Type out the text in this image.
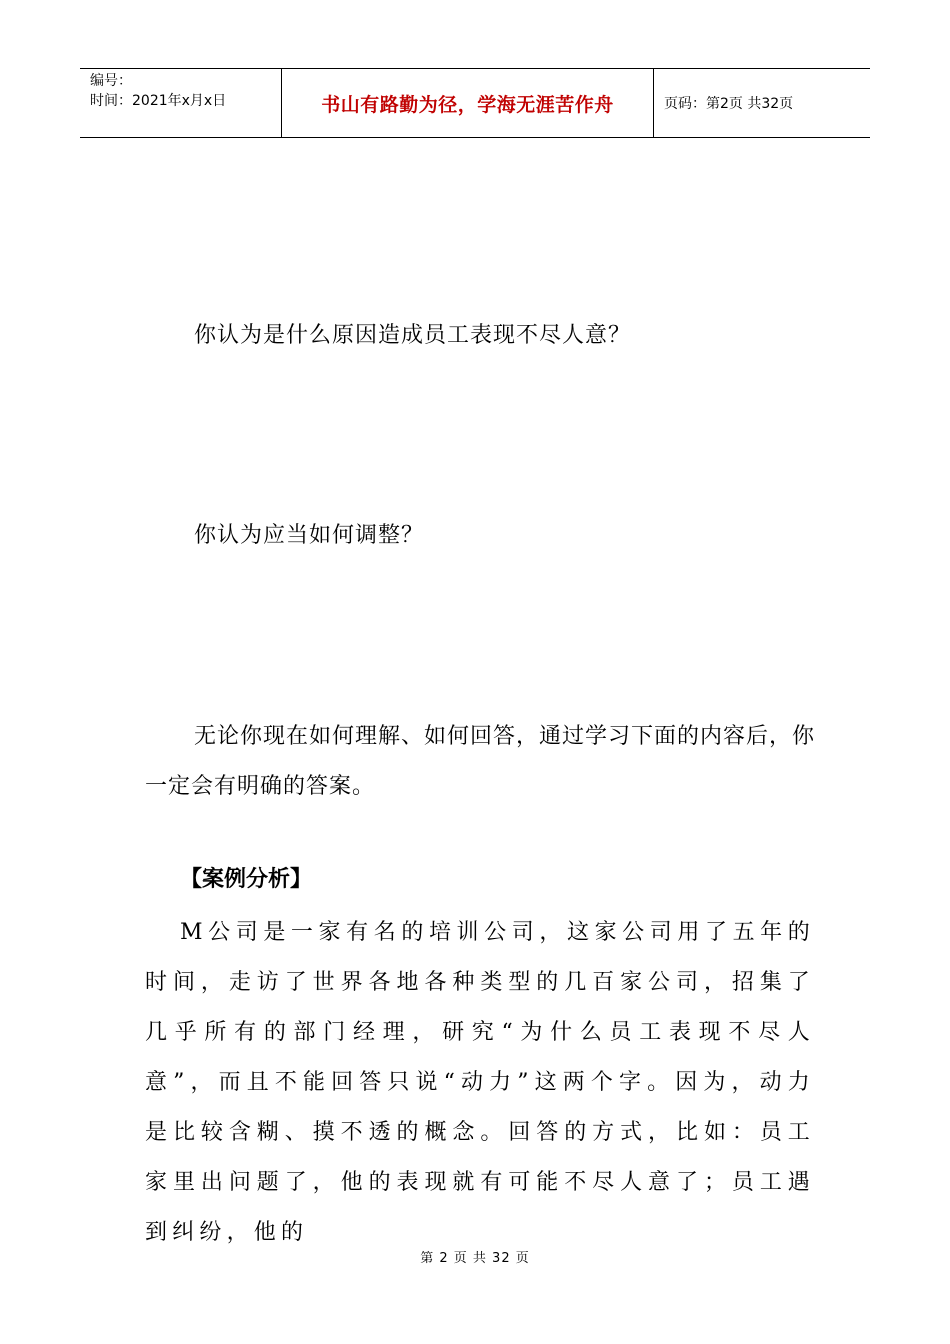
编号：
时间：2021年x月x日	书山有路勤为径，学海无涯苦作舟	页码：第2页 共32页
你认为是什么原因造成员工表现不尽人意？
你认为应当如何调整？
无论你现在如何理解、如何回答，通过学习下面的内容后，你一定会有明确的答案。
【案例分析】
M公司是一家有名的培训公司，这家公司用了五年的时间，走访了世界各地各种类型的几百家公司，招集了几乎所有的部门经理，研究“为什么员工表现不尽人意”，而且不能回答只说“动力”这两个字。因为，动力是比较含糊、摸不透的概念。回答的方式，比如：员工家里出问题了，他的表现就有可能不尽人意了；员工遇到纠纷，他的
第 2 页 共 32 页
